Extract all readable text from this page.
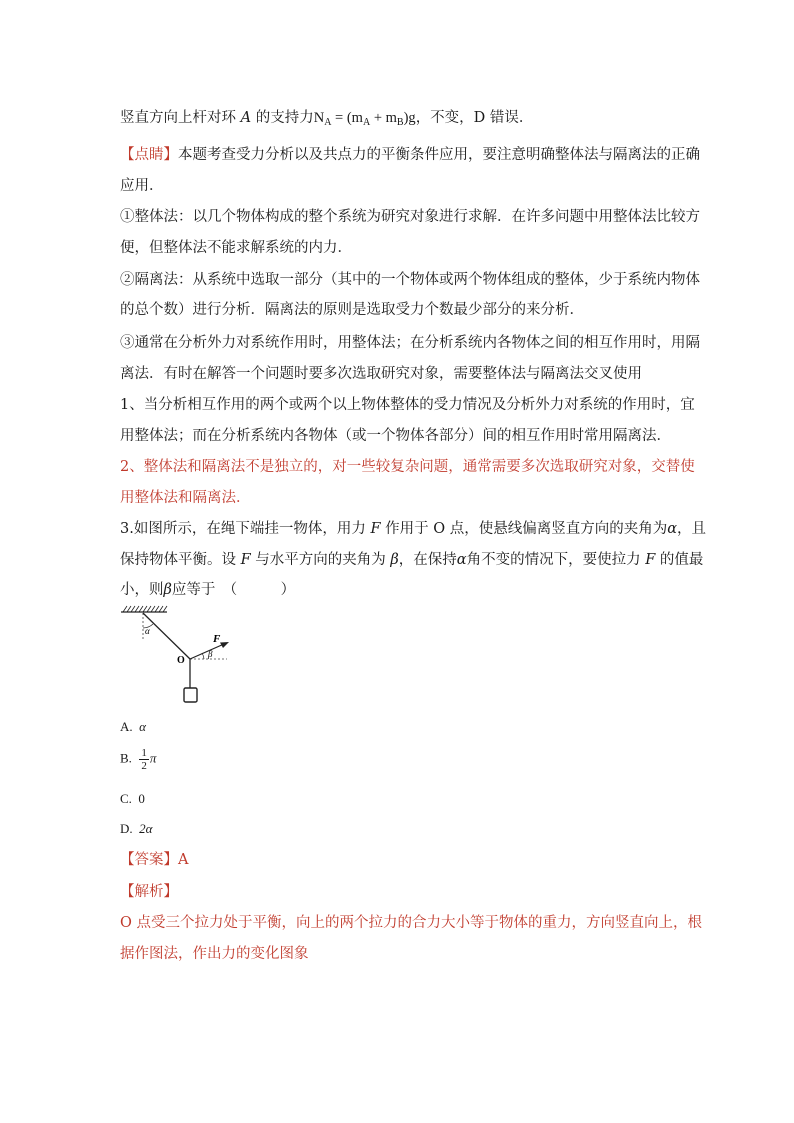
竖直方向上杆对环 A 的支持力$N_A = (m_A + m_B)g$，不变，D 错误．
【点睛】本题考查受力分析以及共点力的平衡条件应用，要注意明确整体法与隔离法的正确
应用．
①整体法：以几个物体构成的整个系统为研究对象进行求解．在许多问题中用整体法比较方
便，但整体法不能求解系统的内力．
②隔离法：从系统中选取一部分（其中的一个物体或两个物体组成的整体，少于系统内物体
的总个数）进行分析．隔离法的原则是选取受力个数最少部分的来分析．
③通常在分析外力对系统作用时，用整体法；在分析系统内各物体之间的相互作用时，用隔
离法．有时在解答一个问题时要多次选取研究对象，需要整体法与隔离法交叉使用
1、当分析相互作用的两个或两个以上物体整体的受力情况及分析外力对系统的作用时，宜
用整体法；而在分析系统内各物体（或一个物体各部分）间的相互作用时常用隔离法．
2、整体法和隔离法不是独立的，对一些较复杂问题，通常需要多次选取研究对象，交替使
用整体法和隔离法．
3.如图所示，在绳下端挂一物体，用力 F 作用于 O 点，使悬线偏离竖直方向的夹角为α，且
保持物体平衡。设 F 与水平方向的夹角为 β，在保持α角不变的情况下，要使拉力 F 的值最
小，则β应等于　（　　　）
α
F
β
O
A. α
B. $\frac{1}{2}$ π
C. 0
D. 2α
【答案】A
【解析】
O 点受三个拉力处于平衡，向上的两个拉力的合力大小等于物体的重力，方向竖直向上，根
据作图法，作出力的变化图象
